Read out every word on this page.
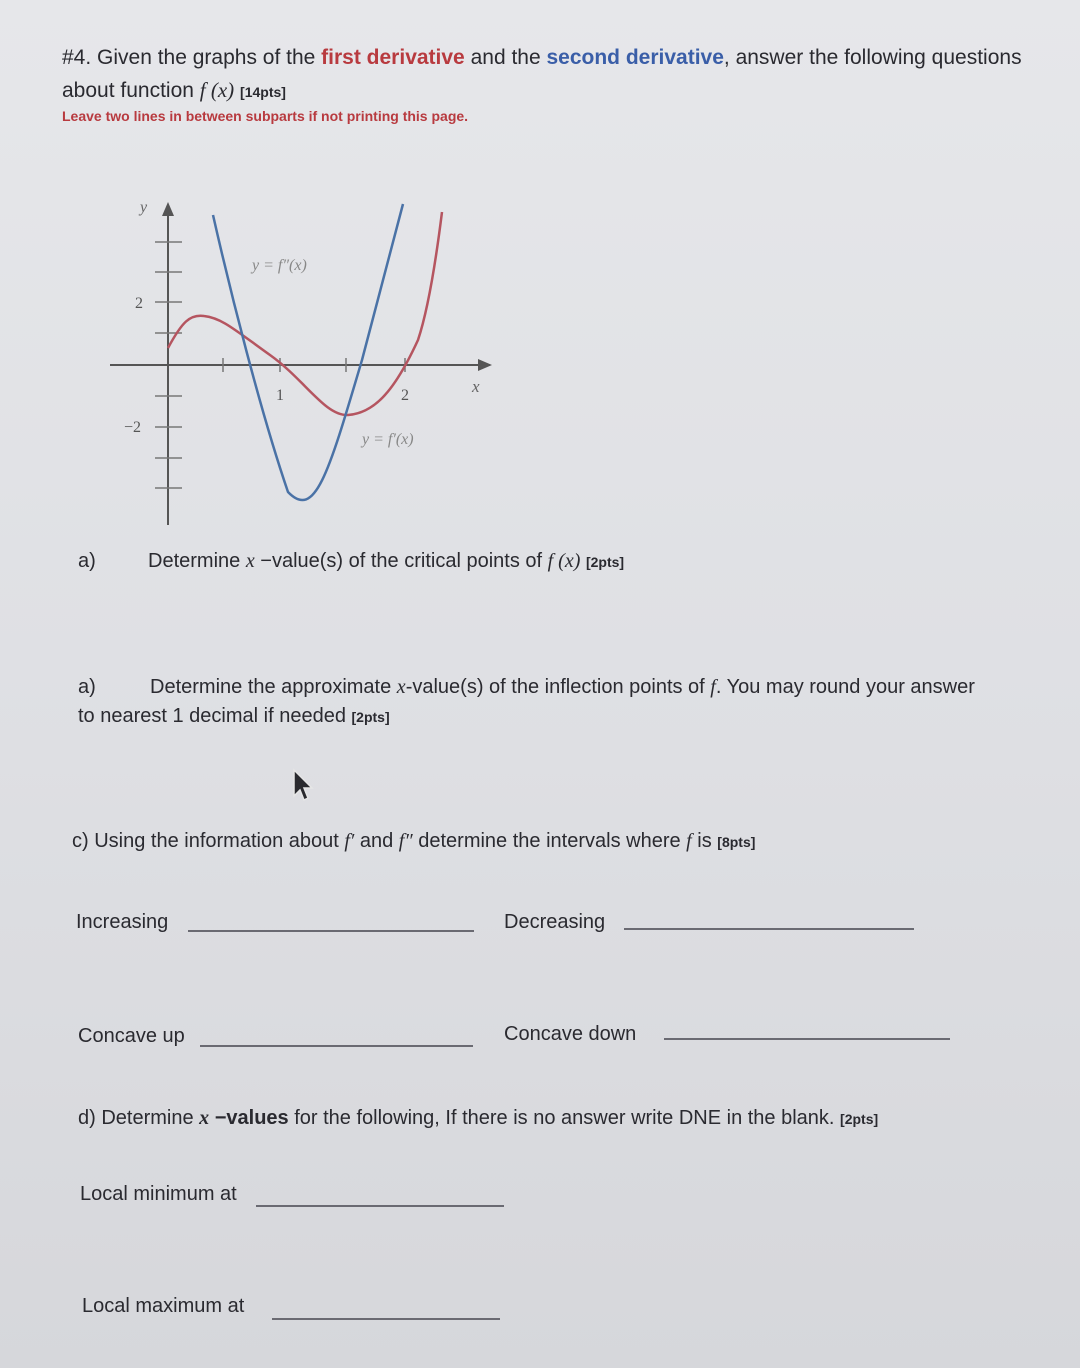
#4. Given the graphs of the first derivative and the second derivative, answer the following questions
about function f (x) [14pts]
Leave two lines in between subparts if not printing this page.
2
−2
1	2
y
x
y = f″(x)
y = f′(x)
a)	Determine x −value(s) of the critical points of f (x) [2pts]
a)	Determine the approximate x-value(s) of the inflection points of f. You may round your answer
to nearest 1 decimal if needed [2pts]
c) Using the information about f′ and f″ determine the intervals where f is [8pts]
Increasing	Decreasing
Concave up	Concave down
d) Determine x −values for the following, If there is no answer write DNE in the blank. [2pts]
Local minimum at
Local maximum at
